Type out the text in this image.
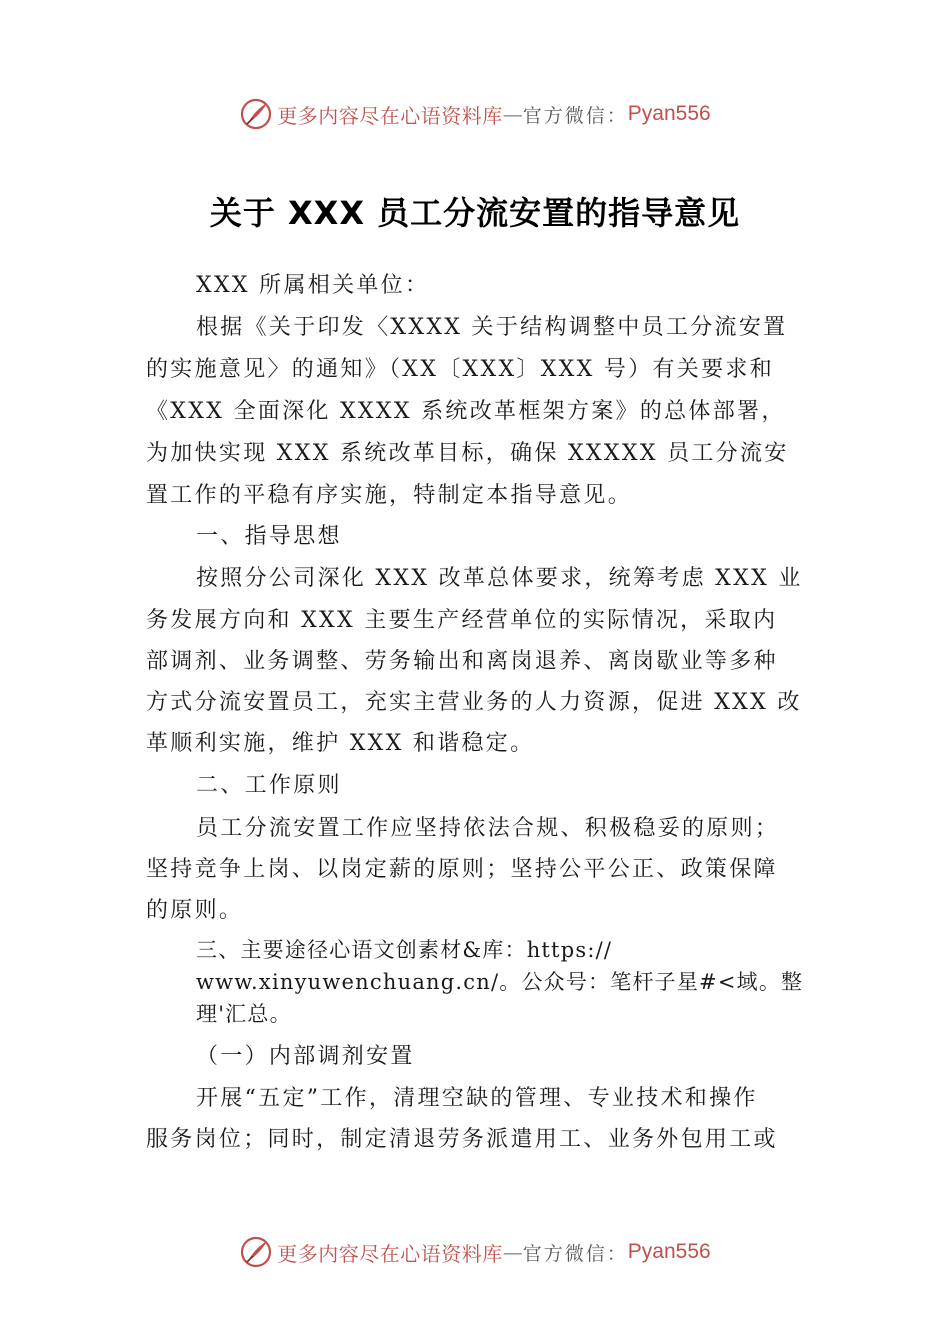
更多内容尽在心语资料库 — 官方微信： Pyan556
关于 XXX 员工分流安置的指导意见
XXX 所属相关单位：
根据《关于印发〈XXXX 关于结构调整中员工分流安置
的实施意见〉的通知》（XX〔XXX〕XXX 号）有关要求和
《XXX 全面深化 XXXX 系统改革框架方案》的总体部署，
为加快实现 XXX 系统改革目标，确保 XXXXX 员工分流安
置工作的平稳有序实施，特制定本指导意见。
一、指导思想
按照分公司深化 XXX 改革总体要求，统筹考虑 XXX 业
务发展方向和 XXX 主要生产经营单位的实际情况，采取内
部调剂、业务调整、劳务输出和离岗退养、离岗歇业等多种
方式分流安置员工，充实主营业务的人力资源，促进 XXX 改
革顺利实施，维护 XXX 和谐稳定。
二、工作原则
员工分流安置工作应坚持依法合规、积极稳妥的原则；
坚持竞争上岗、以岗定薪的原则；坚持公平公正、政策保障
的原则。
三、主要途径心语文创素材&库：https://
www.xinyuwenchuang.cn/。公众号：笔杆子星#<域。整
理'汇总。
（一）内部调剂安置
开展“五定”工作，清理空缺的管理、专业技术和操作
服务岗位；同时，制定清退劳务派遣用工、业务外包用工或
更多内容尽在心语资料库 — 官方微信： Pyan556
